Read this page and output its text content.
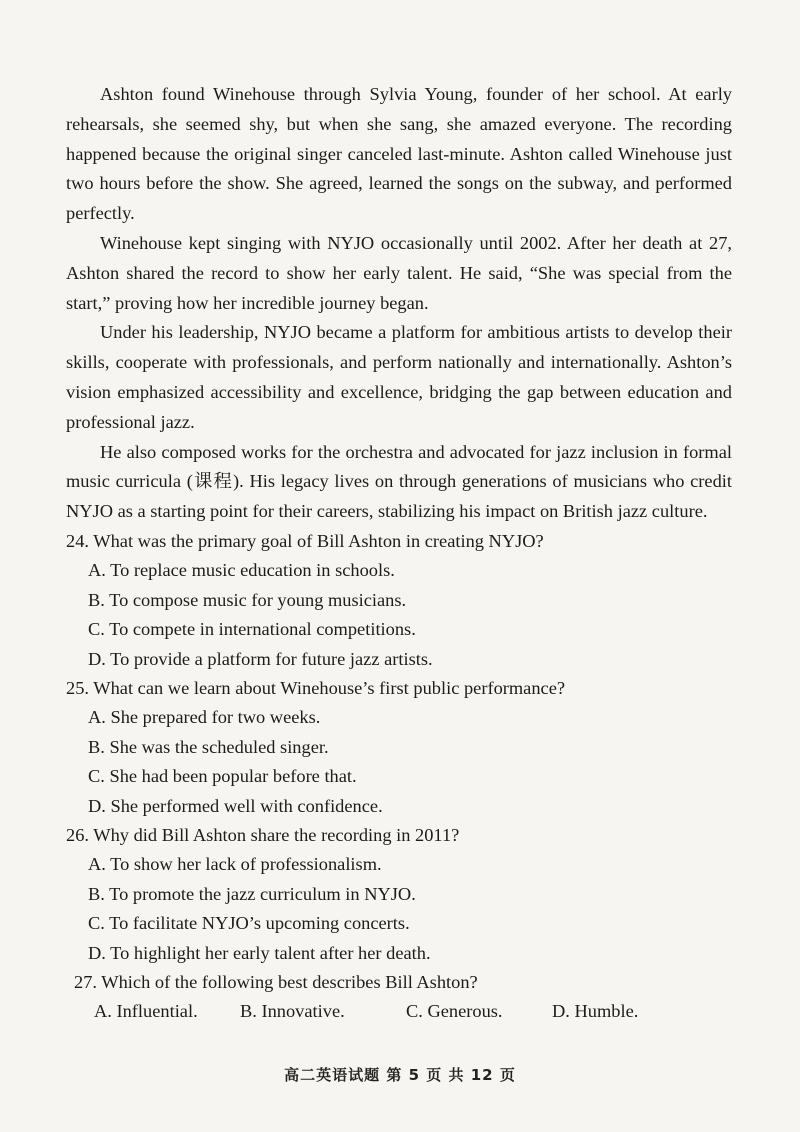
Ashton found Winehouse through Sylvia Young, founder of her school. At early rehearsals, she seemed shy, but when she sang, she amazed everyone. The recording happened because the original singer canceled last-minute. Ashton called Winehouse just two hours before the show. She agreed, learned the songs on the subway, and performed perfectly.

Winehouse kept singing with NYJO occasionally until 2002. After her death at 27, Ashton shared the record to show her early talent. He said, “She was special from the start,” proving how her incredible journey began.

Under his leadership, NYJO became a platform for ambitious artists to develop their skills, cooperate with professionals, and perform nationally and internationally. Ashton’s vision emphasized accessibility and excellence, bridging the gap between education and professional jazz.

He also composed works for the orchestra and advocated for jazz inclusion in formal music curricula (课程). His legacy lives on through generations of musicians who credit NYJO as a starting point for their careers, stabilizing his impact on British jazz culture.

24. What was the primary goal of Bill Ashton in creating NYJO?

A. To replace music education in schools.

B. To compose music for young musicians.

C. To compete in international competitions.

D. To provide a platform for future jazz artists.

25. What can we learn about Winehouse’s first public performance?

A. She prepared for two weeks.

B. She was the scheduled singer.

C. She had been popular before that.

D. She performed well with confidence.

26. Why did Bill Ashton share the recording in 2011?

A. To show her lack of professionalism.

B. To promote the jazz curriculum in NYJO.

C. To facilitate NYJO’s upcoming concerts.

D. To highlight her early talent after her death.

27. Which of the following best describes Bill Ashton?

A. Influential.	B. Innovative.	C. Generous.	D. Humble.
高二英语试题 第 5 页 共 12 页
